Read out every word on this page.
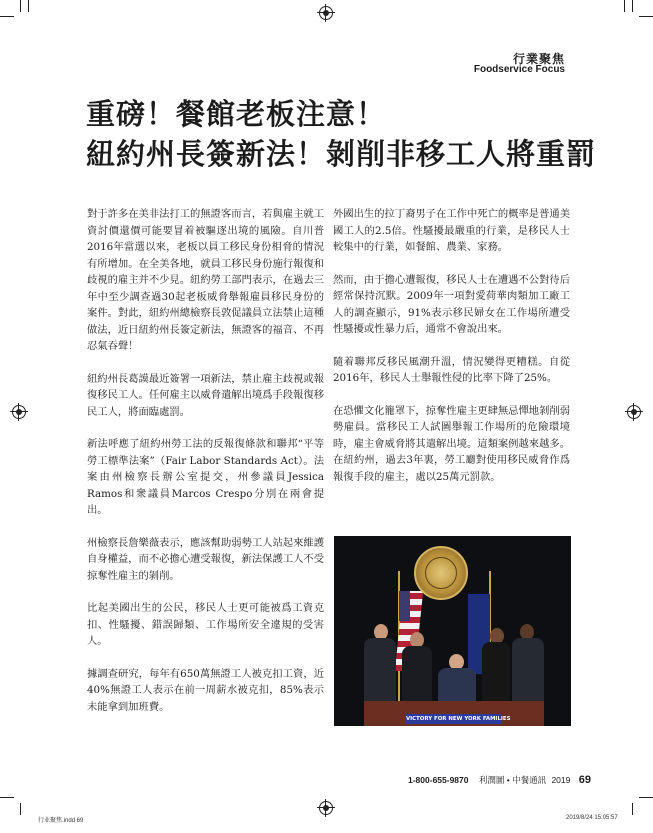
行業聚焦
Foodservice Focus
重磅！餐館老板注意！
紐約州長簽新法！剝削非移工人將重罰

對于許多在美非法打工的無證客而言，若與雇主就工資討價還價可能要冒着被驅逐出境的風險。自川普2016年當選以來，老板以員工移民身份相脅的情況有所增加。在全美各地，就員工移民身份施行報復和歧視的雇主并不少見。紐約勞工部門表示，在過去三年中至少調查過30起老板威脅舉報雇員移民身份的案件。對此，紐約州總檢察長敦促議員立法禁止這種做法，近日紐約州長簽定新法，無證客的福音、不再忍氣吞聲！

紐約州長葛謨最近簽署一項新法，禁止雇主歧視或報復移民工人。任何雇主以威脅遣解出境爲手段報復移民工人，將面臨處罰。

新法呼應了紐約州勞工法的反報復條款和聯邦“平等勞工標準法案”（Fair Labor Standards Act）。法案由州檢察長辦公室提交，州參議員Jessica Ramos和衆議員Marcos Crespo分別在兩會提出。

州檢察長詹樂薇表示，應該幫助弱勢工人站起來維護自身權益，而不必擔心遭受報復，新法保護工人不受掠奪性雇主的剝削。

比起美國出生的公民，移民人士更可能被爲工資克扣、性騷擾、錯誤歸類、工作場所安全違規的受害人。

據調查研究，每年有650萬無證工人被克扣工資，近40%無證工人表示在前一周薪水被克扣，85%表示未能拿到加班費。

外國出生的拉丁裔男子在工作中死亡的概率是普通美國工人的2.5倍。性騷擾最嚴重的行業，是移民人士較集中的行業，如餐館、農業、家務。

然而，由于擔心遭報復，移民人士在遭遇不公對待后經常保持沉默。2009年一項對愛荷華肉類加工廠工人的調查顯示，91%表示移民婦女在工作場所遭受性騷擾或性暴力后，通常不會說出來。

隨着聯邦反移民風潮升溫，情況變得更糟糕。自從2016年，移民人士舉報性侵的比率下降了25%。

在恐懼文化籠罩下，掠奪性雇主更肆無忌憚地剝削弱勢雇員。當移民工人試圖舉報工作場所的危險環境時，雇主會威脅將其遣解出境。這類案例越來越多。在紐約州，過去3年裏，勞工廳對使用移民威脅作爲報復手段的雇主，處以25萬元罰款。

VICTORY FOR NEW YORK FAMILIES
1-800-655-9870 利潤圖 • 中餐通訊 2019 69
行业聚焦.indd 69	2019/8/24 15:05:57
